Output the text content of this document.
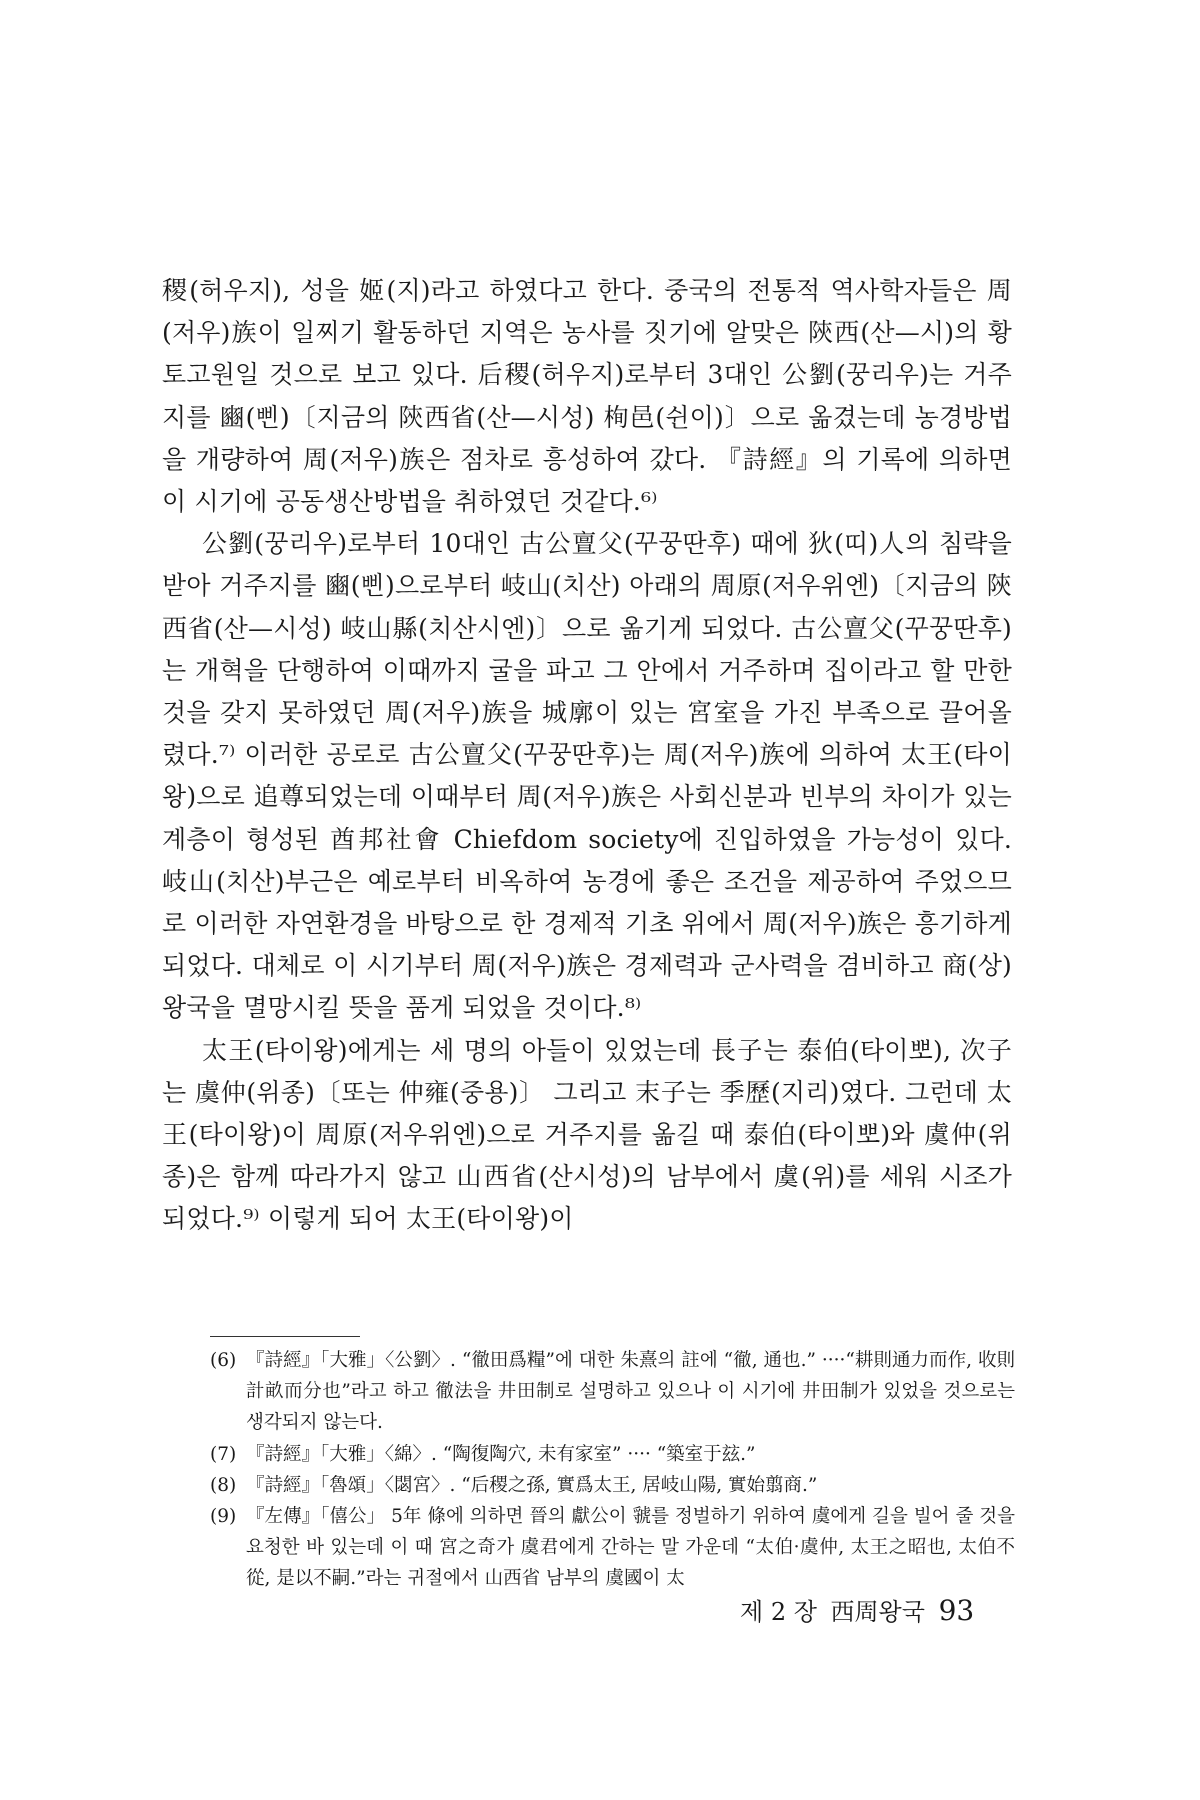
稷(허우지), 성을 姬(지)라고 하였다고 한다. 중국의 전통적 역사학자들은 周(저우)族이 일찌기 활동하던 지역은 농사를 짓기에 알맞은 陝西(산—시)의 황토고원일 것으로 보고 있다. 后稷(허우지)로부터 3대인 公劉(꿍리우)는 거주지를 豳(삔)〔지금의 陝西省(산—시성) 栒邑(쉰이)〕으로 옮겼는데 농경방법을 개량하여 周(저우)族은 점차로 흥성하여 갔다. 『詩經』의 기록에 의하면 이 시기에 공동생산방법을 취하였던 것같다.⁶⁾

公劉(꿍리우)로부터 10대인 古公亶父(꾸꿍딴후) 때에 狄(띠)人의 침략을 받아 거주지를 豳(삔)으로부터 岐山(치산) 아래의 周原(저우위엔)〔지금의 陝西省(산—시성) 岐山縣(치산시엔)〕으로 옮기게 되었다. 古公亶父(꾸꿍딴후)는 개혁을 단행하여 이때까지 굴을 파고 그 안에서 거주하며 집이라고 할 만한 것을 갖지 못하였던 周(저우)族을 城廓이 있는 宮室을 가진 부족으로 끌어올렸다.⁷⁾ 이러한 공로로 古公亶父(꾸꿍딴후)는 周(저우)族에 의하여 太王(타이왕)으로 追尊되었는데 이때부터 周(저우)族은 사회신분과 빈부의 차이가 있는 계층이 형성된 酋邦社會 Chiefdom society에 진입하였을 가능성이 있다. 岐山(치산)부근은 예로부터 비옥하여 농경에 좋은 조건을 제공하여 주었으므로 이러한 자연환경을 바탕으로 한 경제적 기초 위에서 周(저우)族은 흥기하게 되었다. 대체로 이 시기부터 周(저우)族은 경제력과 군사력을 겸비하고 商(상)왕국을 멸망시킬 뜻을 품게 되었을 것이다.⁸⁾

太王(타이왕)에게는 세 명의 아들이 있었는데 長子는 泰伯(타이뽀), 次子는 虞仲(위종)〔또는 仲雍(중용)〕 그리고 末子는 季歷(지리)였다. 그런데 太王(타이왕)이 周原(저우위엔)으로 거주지를 옮길 때 泰伯(타이뽀)와 虞仲(위종)은 함께 따라가지 않고 山西省(산시성)의 남부에서 虞(위)를 세워 시조가 되었다.⁹⁾ 이렇게 되어 太王(타이왕)이

(6) 『詩經』「大雅」〈公劉〉. “徹田爲糧”에 대한 朱熹의 註에 “徹, 通也.” ····“耕則通力而作, 收則計畝而分也”라고 하고 徹法을 井田制로 설명하고 있으나 이 시기에 井田制가 있었을 것으로는 생각되지 않는다.

(7) 『詩經』「大雅」〈綿〉. “陶復陶穴, 未有家室” ···· “築室于玆.”

(8) 『詩經』「魯頌」〈閟宮〉. “后稷之孫, 實爲太王, 居岐山陽, 實始翦商.”

(9) 『左傳』「僖公」 5年 條에 의하면 晉의 獻公이 虢를 정벌하기 위하여 虞에게 길을 빌어 줄 것을 요청한 바 있는데 이 때 宮之奇가 虞君에게 간하는 말 가운데 “太伯·虞仲, 太王之昭也, 太伯不從, 是以不嗣.”라는 귀절에서 山西省 남부의 虞國이 太

제 2 장 西周왕국 93
